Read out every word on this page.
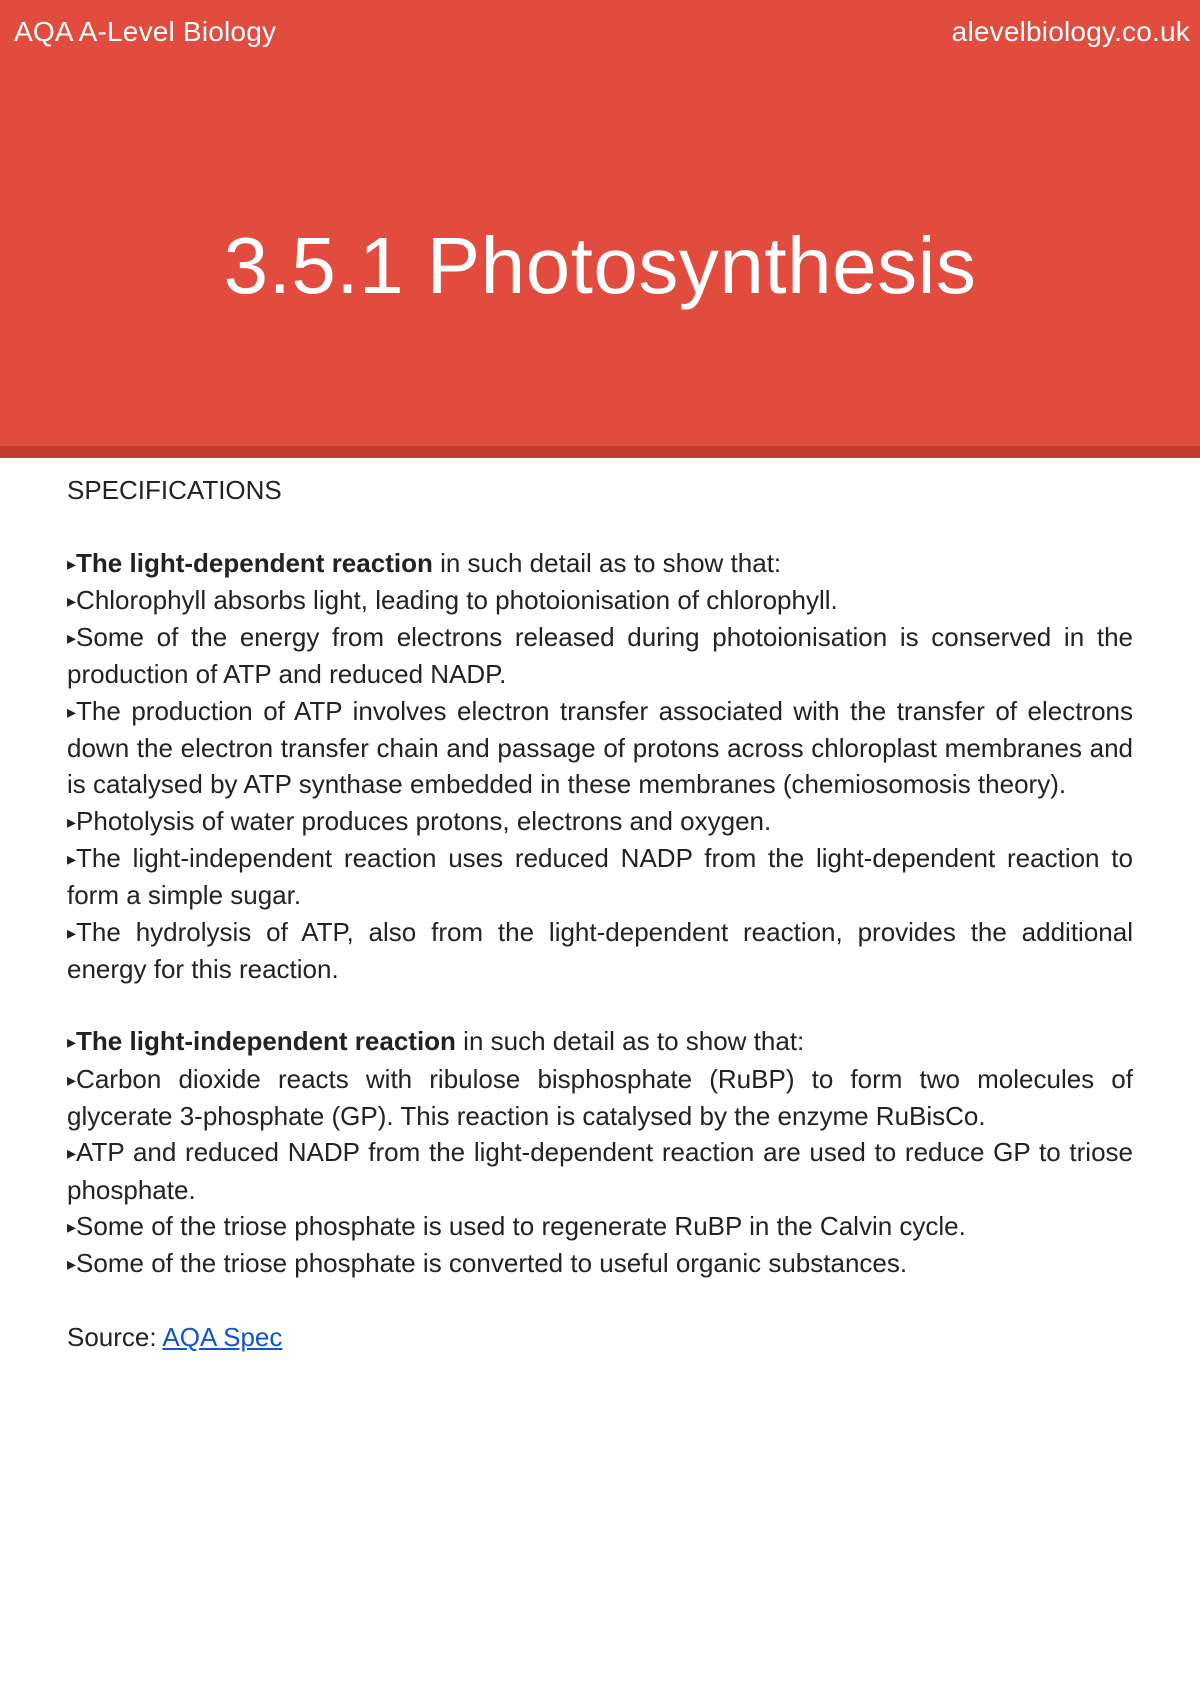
AQA A-Level Biology	alevelbiology.co.uk
3.5.1 Photosynthesis

SPECIFICATIONS

▸The light-dependent reaction in such detail as to show that:

▸Chlorophyll absorbs light, leading to photoionisation of chlorophyll.

▸Some of the energy from electrons released during photoionisation is conserved in the production of ATP and reduced NADP.

▸The production of ATP involves electron transfer associated with the transfer of electrons down the electron transfer chain and passage of protons across chloroplast membranes and is catalysed by ATP synthase embedded in these membranes (chemiosomosis theory).

▸Photolysis of water produces protons, electrons and oxygen.

▸The light-independent reaction uses reduced NADP from the light-dependent reaction to form a simple sugar.

▸The hydrolysis of ATP, also from the light-dependent reaction, provides the additional energy for this reaction.

▸The light-independent reaction in such detail as to show that:

▸Carbon dioxide reacts with ribulose bisphosphate (RuBP) to form two molecules of glycerate 3-phosphate (GP). This reaction is catalysed by the enzyme RuBisCo.

▸ATP and reduced NADP from the light-dependent reaction are used to reduce GP to triose phosphate.

▸Some of the triose phosphate is used to regenerate RuBP in the Calvin cycle.

▸Some of the triose phosphate is converted to useful organic substances.

Source: AQA Spec
